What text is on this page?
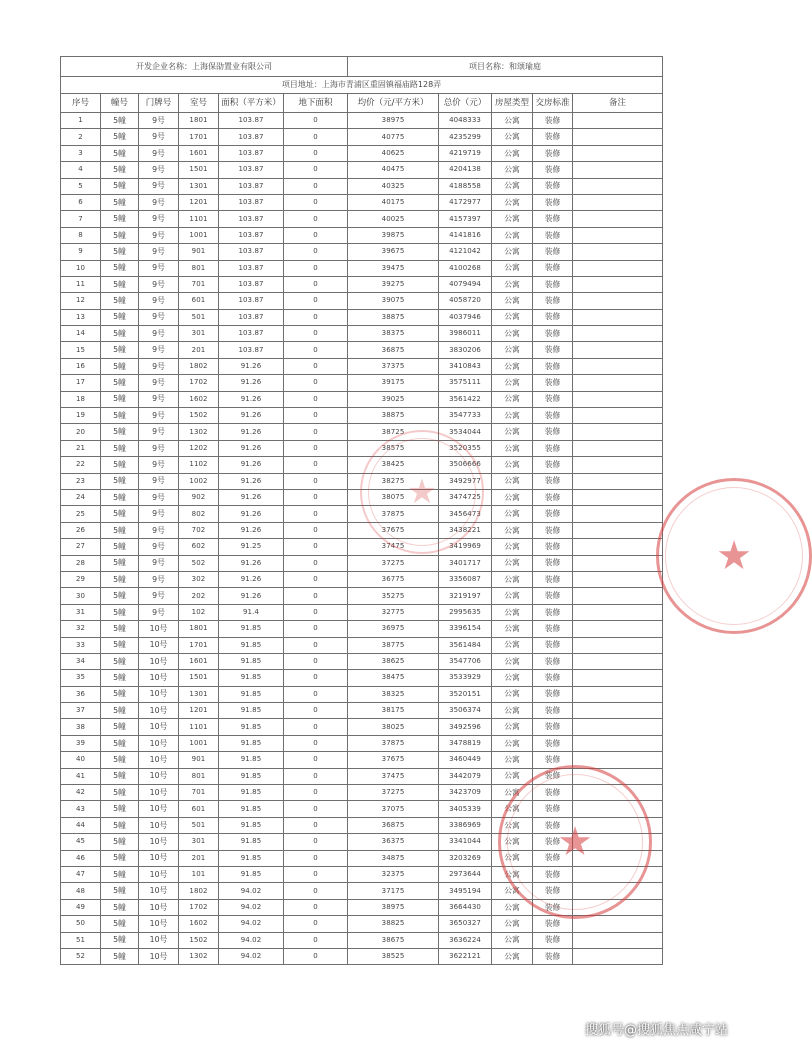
开发企业名称：上海保劭置业有限公司						项目名称：和颂瑜庭				
项目地址：上海市青浦区重固镇福庙路128弄										
序号	幢号	门牌号	室号	面积（平方米）	地下面积	均价（元/平方米）	总价（元）	房屋类型	交房标准	备注
1	5幢	9号	1801	103.87	0	38975	4048333	公寓	装修	
2	5幢	9号	1701	103.87	0	40775	4235299	公寓	装修	
3	5幢	9号	1601	103.87	0	40625	4219719	公寓	装修	
4	5幢	9号	1501	103.87	0	40475	4204138	公寓	装修	
5	5幢	9号	1301	103.87	0	40325	4188558	公寓	装修	
6	5幢	9号	1201	103.87	0	40175	4172977	公寓	装修	
7	5幢	9号	1101	103.87	0	40025	4157397	公寓	装修	
8	5幢	9号	1001	103.87	0	39875	4141816	公寓	装修	
9	5幢	9号	901	103.87	0	39675	4121042	公寓	装修	
10	5幢	9号	801	103.87	0	39475	4100268	公寓	装修	
11	5幢	9号	701	103.87	0	39275	4079494	公寓	装修	
12	5幢	9号	601	103.87	0	39075	4058720	公寓	装修	
13	5幢	9号	501	103.87	0	38875	4037946	公寓	装修	
14	5幢	9号	301	103.87	0	38375	3986011	公寓	装修	
15	5幢	9号	201	103.87	0	36875	3830206	公寓	装修	
16	5幢	9号	1802	91.26	0	37375	3410843	公寓	装修	
17	5幢	9号	1702	91.26	0	39175	3575111	公寓	装修	
18	5幢	9号	1602	91.26	0	39025	3561422	公寓	装修	
19	5幢	9号	1502	91.26	0	38875	3547733	公寓	装修	
20	5幢	9号	1302	91.26	0	38725	3534044	公寓	装修	
21	5幢	9号	1202	91.26	0	38575	3520355	公寓	装修	
22	5幢	9号	1102	91.26	0	38425	3506666	公寓	装修	
23	5幢	9号	1002	91.26	0	38275	3492977	公寓	装修	
24	5幢	9号	902	91.26	0	38075	3474725	公寓	装修	
25	5幢	9号	802	91.26	0	37875	3456473	公寓	装修	
26	5幢	9号	702	91.26	0	37675	3438221	公寓	装修	
27	5幢	9号	602	91.25	0	37475	3419969	公寓	装修	
28	5幢	9号	502	91.26	0	37275	3401717	公寓	装修	
29	5幢	9号	302	91.26	0	36775	3356087	公寓	装修	
30	5幢	9号	202	91.26	0	35275	3219197	公寓	装修	
31	5幢	9号	102	91.4	0	32775	2995635	公寓	装修	
32	5幢	10号	1801	91.85	0	36975	3396154	公寓	装修	
33	5幢	10号	1701	91.85	0	38775	3561484	公寓	装修	
34	5幢	10号	1601	91.85	0	38625	3547706	公寓	装修	
35	5幢	10号	1501	91.85	0	38475	3533929	公寓	装修	
36	5幢	10号	1301	91.85	0	38325	3520151	公寓	装修	
37	5幢	10号	1201	91.85	0	38175	3506374	公寓	装修	
38	5幢	10号	1101	91.85	0	38025	3492596	公寓	装修	
39	5幢	10号	1001	91.85	0	37875	3478819	公寓	装修	
40	5幢	10号	901	91.85	0	37675	3460449	公寓	装修	
41	5幢	10号	801	91.85	0	37475	3442079	公寓	装修	
42	5幢	10号	701	91.85	0	37275	3423709	公寓	装修	
43	5幢	10号	601	91.85	0	37075	3405339	公寓	装修	
44	5幢	10号	501	91.85	0	36875	3386969	公寓	装修	
45	5幢	10号	301	91.85	0	36375	3341044	公寓	装修	
46	5幢	10号	201	91.85	0	34875	3203269	公寓	装修	
47	5幢	10号	101	91.85	0	32375	2973644	公寓	装修	
48	5幢	10号	1802	94.02	0	37175	3495194	公寓	装修	
49	5幢	10号	1702	94.02	0	38975	3664430	公寓	装修	
50	5幢	10号	1602	94.02	0	38825	3650327	公寓	装修	
51	5幢	10号	1502	94.02	0	38675	3636224	公寓	装修	
52	5幢	10号	1302	94.02	0	38525	3622121	公寓	装修	
★
★
★
搜狐号@搜狐焦点咸宁站
